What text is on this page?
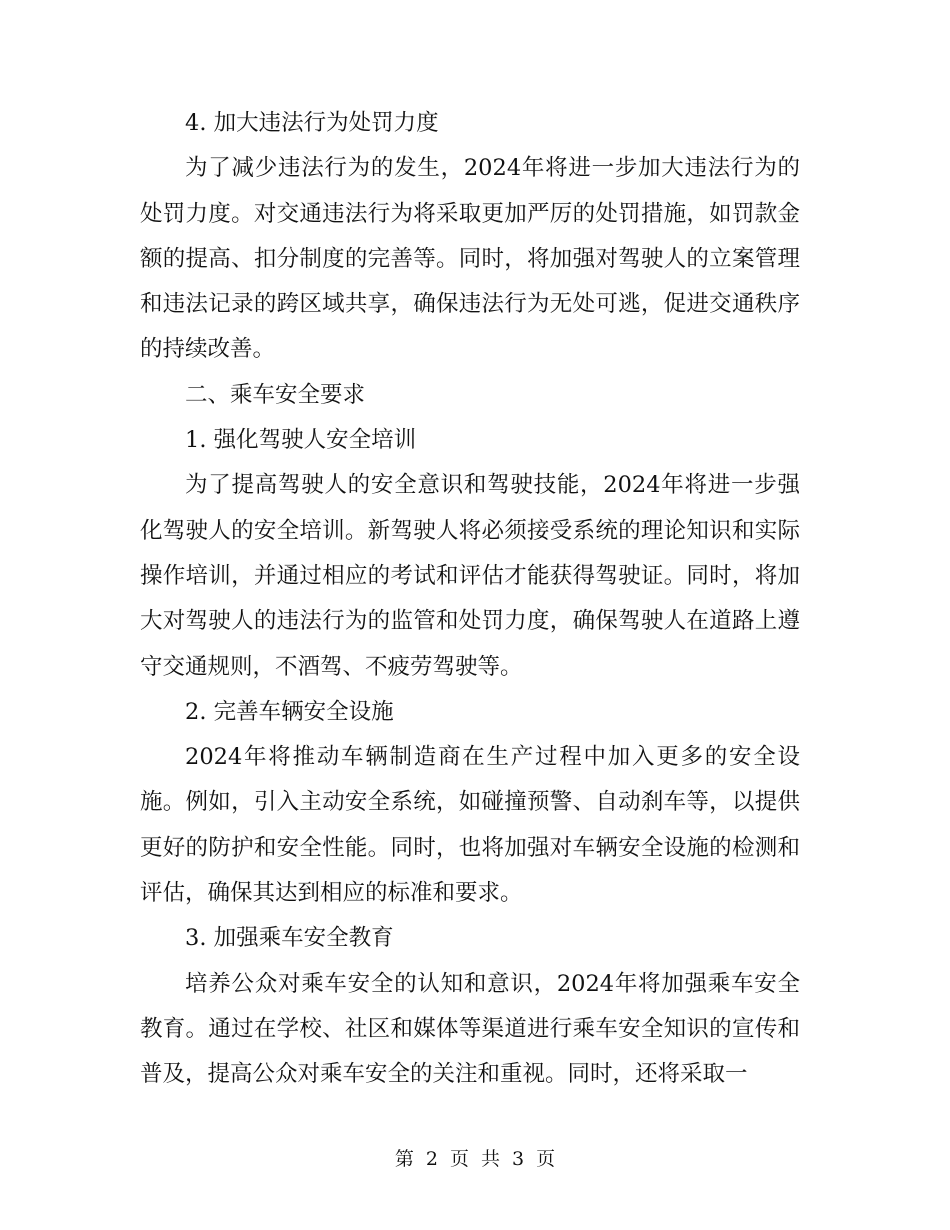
4. 加大违法行为处罚力度

为了减少违法行为的发生，2024年将进一步加大违法行为的处罚力度。对交通违法行为将采取更加严厉的处罚措施，如罚款金额的提高、扣分制度的完善等。同时，将加强对驾驶人的立案管理和违法记录的跨区域共享，确保违法行为无处可逃，促进交通秩序的持续改善。

二、乘车安全要求

1. 强化驾驶人安全培训

为了提高驾驶人的安全意识和驾驶技能，2024年将进一步强化驾驶人的安全培训。新驾驶人将必须接受系统的理论知识和实际操作培训，并通过相应的考试和评估才能获得驾驶证。同时，将加大对驾驶人的违法行为的监管和处罚力度，确保驾驶人在道路上遵守交通规则，不酒驾、不疲劳驾驶等。

2. 完善车辆安全设施

2024年将推动车辆制造商在生产过程中加入更多的安全设施。例如，引入主动安全系统，如碰撞预警、自动刹车等，以提供更好的防护和安全性能。同时，也将加强对车辆安全设施的检测和评估，确保其达到相应的标准和要求。

3. 加强乘车安全教育

培养公众对乘车安全的认知和意识，2024年将加强乘车安全教育。通过在学校、社区和媒体等渠道进行乘车安全知识的宣传和普及，提高公众对乘车安全的关注和重视。同时，还将采取一

第 2 页 共 3 页
